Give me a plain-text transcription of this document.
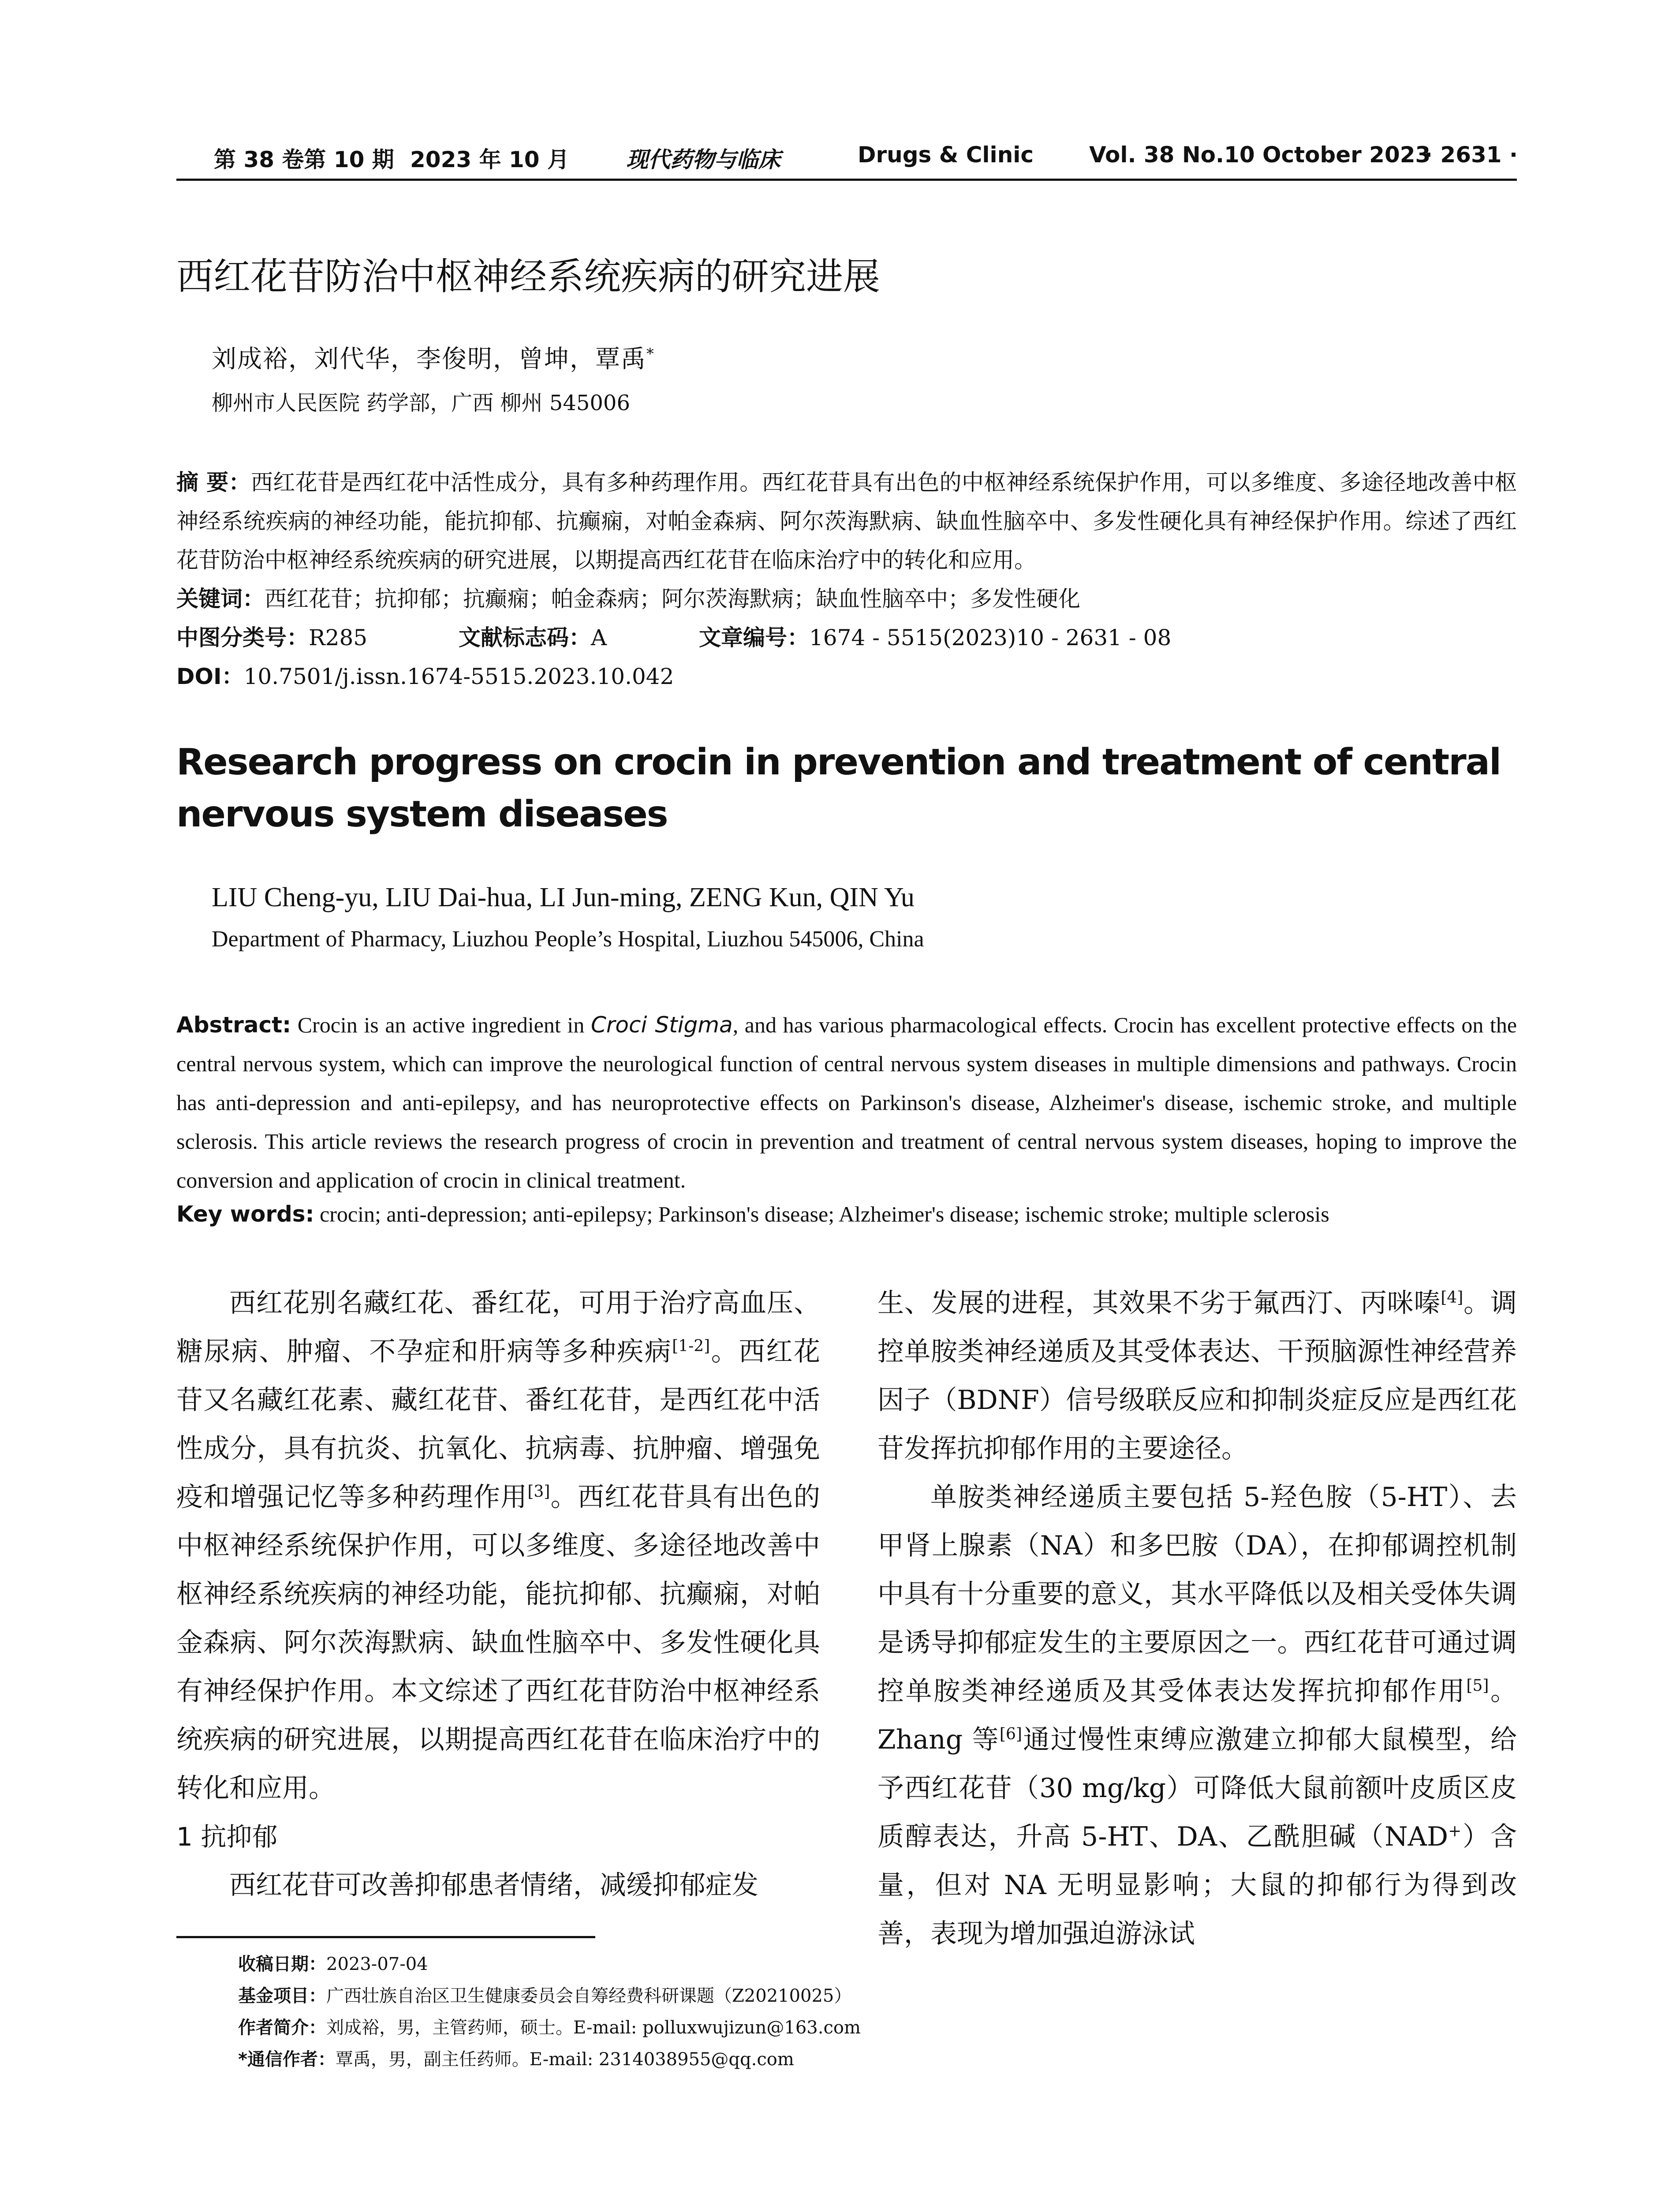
第 38 卷第 10 期 2023 年 10 月	现代药物与临床	Drugs & Clinic	Vol. 38 No.10 October 2023
· 2631 ·
西红花苷防治中枢神经系统疾病的研究进展
刘成裕，刘代华，李俊明，曾坤，覃禹*
柳州市人民医院 药学部，广西 柳州 545006
摘 要：西红花苷是西红花中活性成分，具有多种药理作用。西红花苷具有出色的中枢神经系统保护作用，可以多维度、多途径地改善中枢神经系统疾病的神经功能，能抗抑郁、抗癫痫，对帕金森病、阿尔茨海默病、缺血性脑卒中、多发性硬化具有神经保护作用。综述了西红花苷防治中枢神经系统疾病的研究进展，以期提高西红花苷在临床治疗中的转化和应用。
关键词：西红花苷；抗抑郁；抗癫痫；帕金森病；阿尔茨海默病；缺血性脑卒中；多发性硬化
中图分类号：R285	文献标志码：A	文章编号：1674 - 5515(2023)10 - 2631 - 08
DOI：10.7501/j.issn.1674-5515.2023.10.042
Research progress on crocin in prevention and treatment of central nervous system diseases
LIU Cheng-yu, LIU Dai-hua, LI Jun-ming, ZENG Kun, QIN Yu
Department of Pharmacy, Liuzhou People’s Hospital, Liuzhou 545006, China
Abstract: Crocin is an active ingredient in Croci Stigma, and has various pharmacological effects. Crocin has excellent protective effects on the central nervous system, which can improve the neurological function of central nervous system diseases in multiple dimensions and pathways. Crocin has anti-depression and anti-epilepsy, and has neuroprotective effects on Parkinson's disease, Alzheimer's disease, ischemic stroke, and multiple sclerosis. This article reviews the research progress of crocin in prevention and treatment of central nervous system diseases, hoping to improve the conversion and application of crocin in clinical treatment.
Key words: crocin; anti-depression; anti-epilepsy; Parkinson's disease; Alzheimer's disease; ischemic stroke; multiple sclerosis

西红花别名藏红花、番红花，可用于治疗高血压、糖尿病、肿瘤、不孕症和肝病等多种疾病[1-2]。西红花苷又名藏红花素、藏红花苷、番红花苷，是西红花中活性成分，具有抗炎、抗氧化、抗病毒、抗肿瘤、增强免疫和增强记忆等多种药理作用[3]。西红花苷具有出色的中枢神经系统保护作用，可以多维度、多途径地改善中枢神经系统疾病的神经功能，能抗抑郁、抗癫痫，对帕金森病、阿尔茨海默病、缺血性脑卒中、多发性硬化具有神经保护作用。本文综述了西红花苷防治中枢神经系统疾病的研究进展，以期提高西红花苷在临床治疗中的转化和应用。

1 抗抑郁

西红花苷可改善抑郁患者情绪，减缓抑郁症发

生、发展的进程，其效果不劣于氟西汀、丙咪嗪[4]。调控单胺类神经递质及其受体表达、干预脑源性神经营养因子（BDNF）信号级联反应和抑制炎症反应是西红花苷发挥抗抑郁作用的主要途径。

单胺类神经递质主要包括 5-羟色胺（5-HT）、去甲肾上腺素（NA）和多巴胺（DA），在抑郁调控机制中具有十分重要的意义，其水平降低以及相关受体失调是诱导抑郁症发生的主要原因之一。西红花苷可通过调控单胺类神经递质及其受体表达发挥抗抑郁作用[5]。Zhang 等[6]通过慢性束缚应激建立抑郁大鼠模型，给予西红花苷（30 mg/kg）可降低大鼠前额叶皮质区皮质醇表达，升高 5-HT、DA、乙酰胆碱（NAD+）含量，但对 NA 无明显影响；大鼠的抑郁行为得到改善，表现为增加强迫游泳试

收稿日期：2023-07-04
基金项目：广西壮族自治区卫生健康委员会自筹经费科研课题（Z20210025）
作者简介：刘成裕，男，主管药师，硕士。E-mail: polluxwujizun@163.com
*通信作者：覃禹，男，副主任药师。E-mail: 2314038955@qq.com
